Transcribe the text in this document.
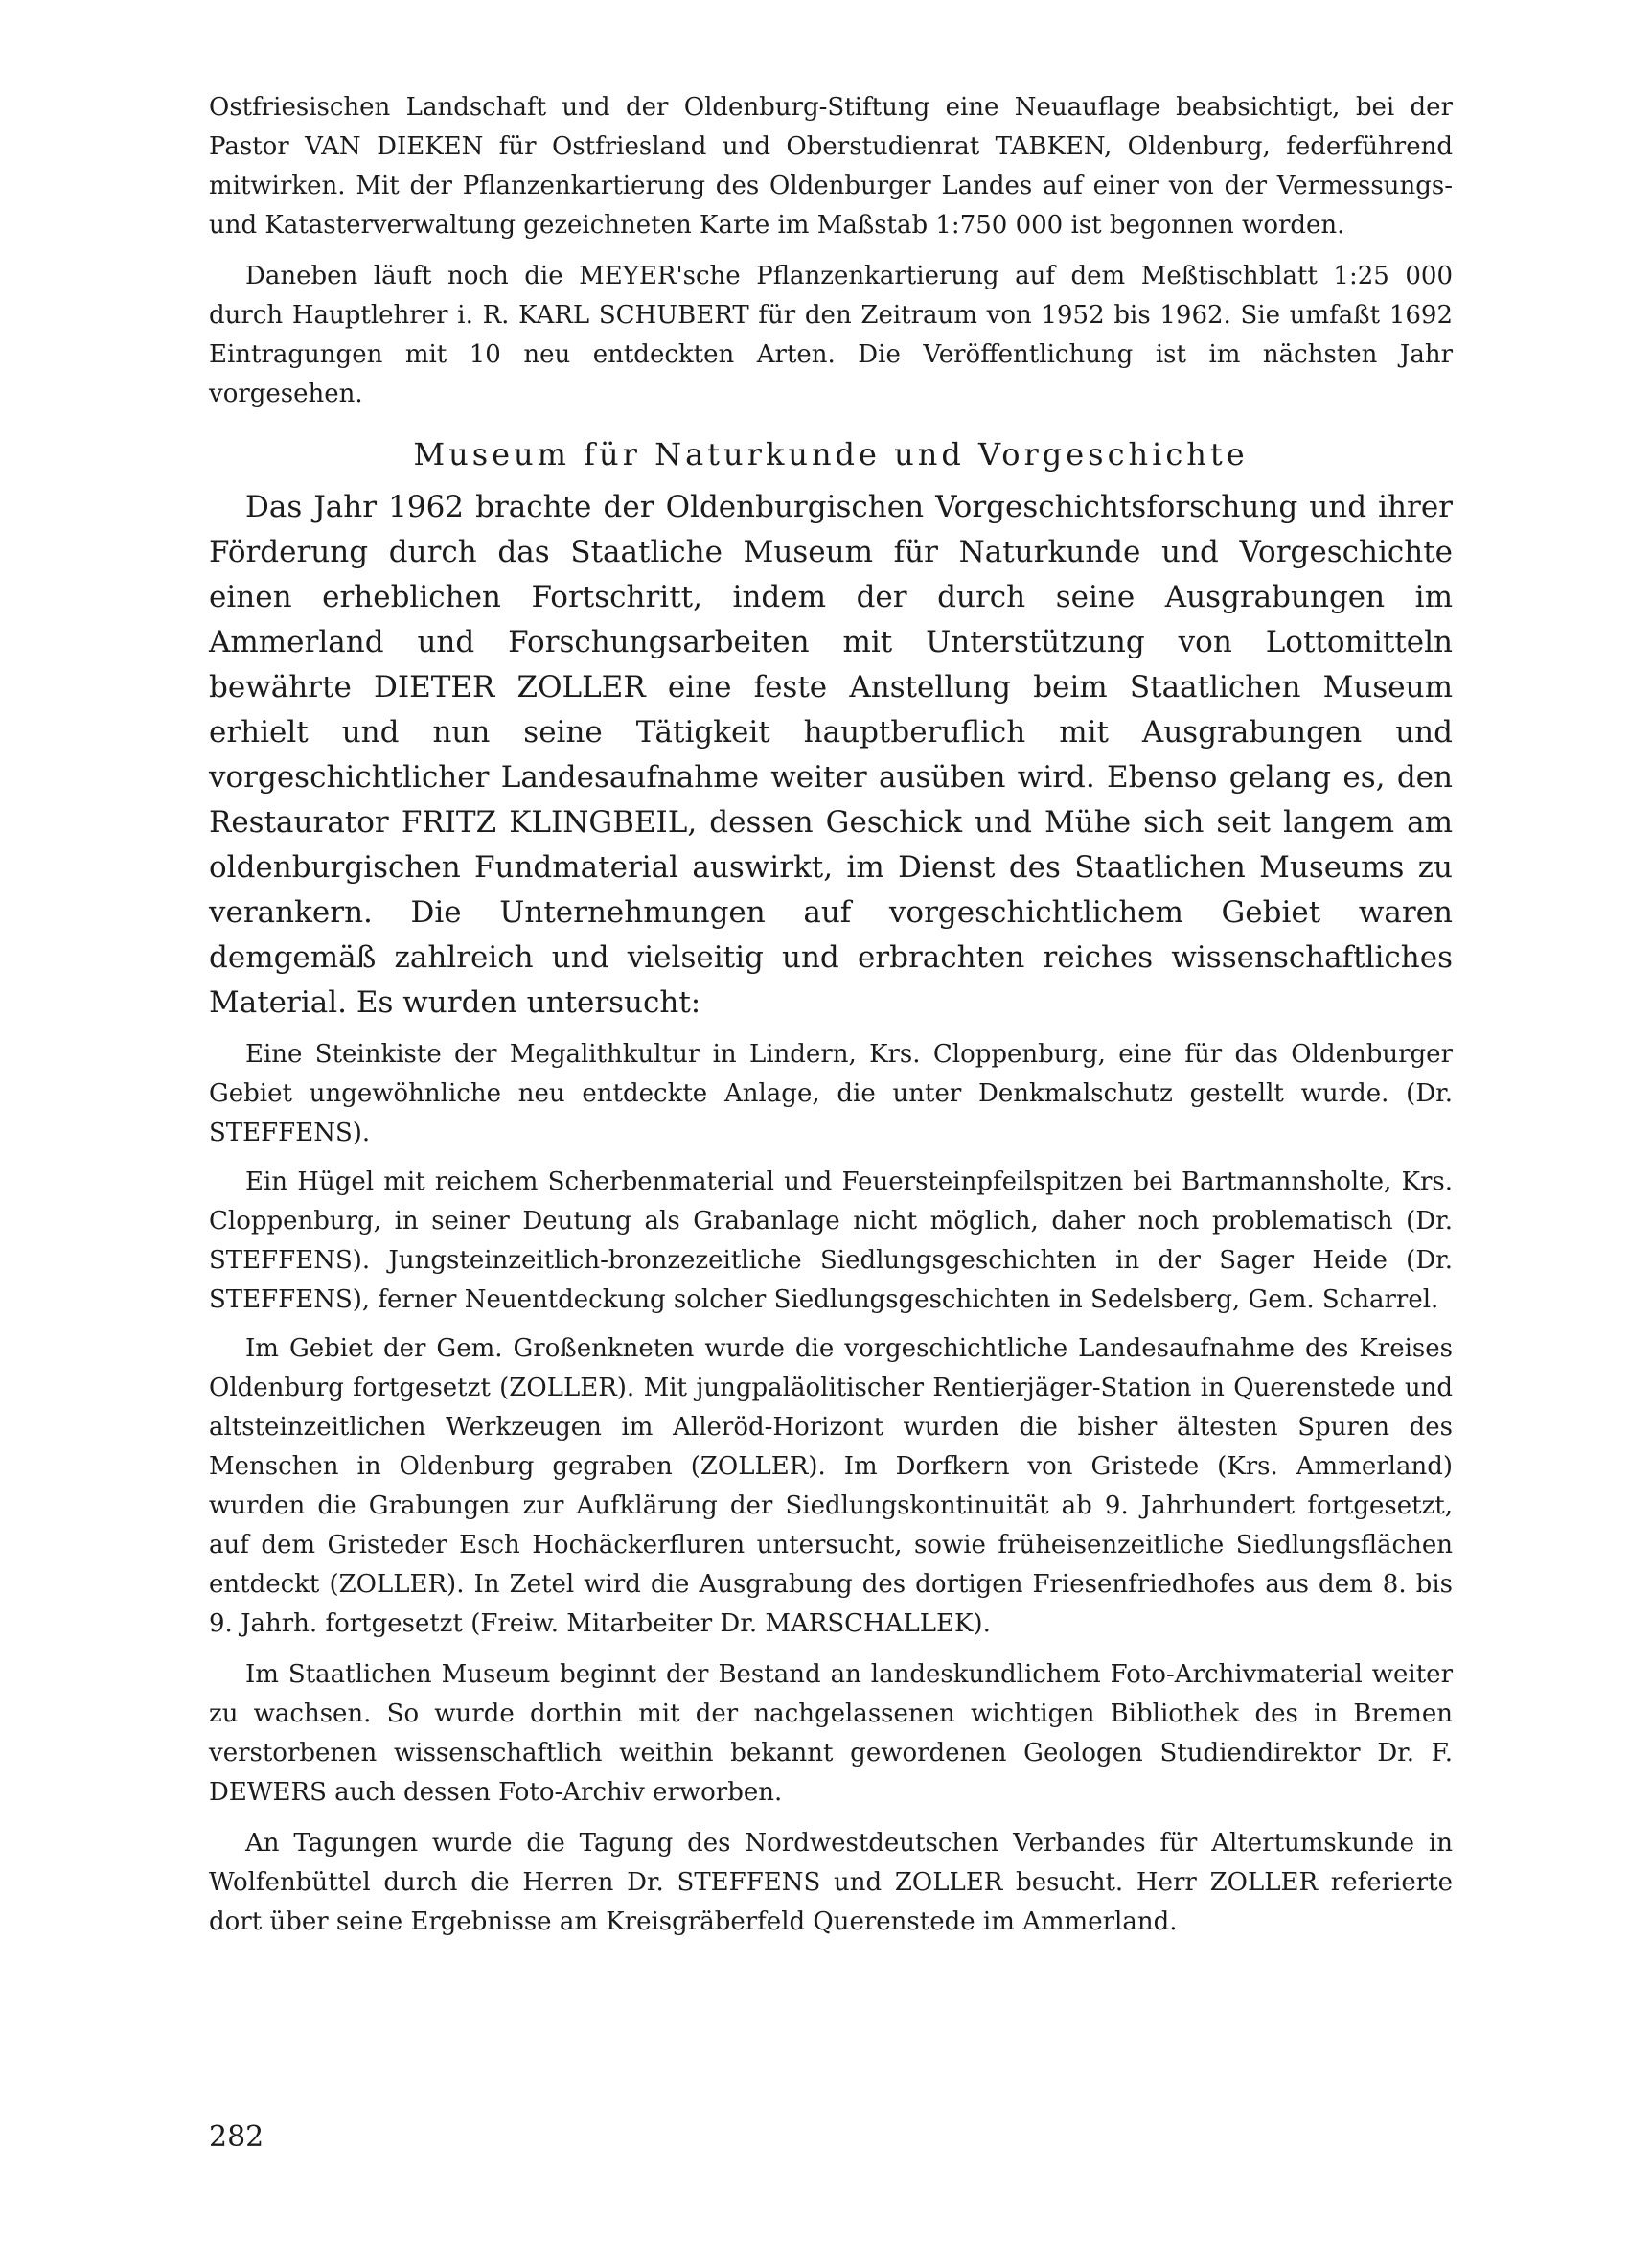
Ostfriesischen Landschaft und der Oldenburg-Stiftung eine Neuauflage beabsichtigt, bei der Pastor VAN DIEKEN für Ostfriesland und Oberstudienrat TABKEN, Oldenburg, federführend mitwirken. Mit der Pflanzenkartierung des Oldenburger Landes auf einer von der Vermessungs- und Katasterverwaltung gezeichneten Karte im Maßstab 1:750 000 ist begonnen worden.

Daneben läuft noch die MEYER'sche Pflanzenkartierung auf dem Meßtischblatt 1:25 000 durch Hauptlehrer i. R. KARL SCHUBERT für den Zeitraum von 1952 bis 1962. Sie umfaßt 1692 Eintragungen mit 10 neu entdeckten Arten. Die Veröffentlichung ist im nächsten Jahr vorgesehen.

Museum für Naturkunde und Vorgeschichte

Das Jahr 1962 brachte der Oldenburgischen Vorgeschichtsforschung und ihrer Förderung durch das Staatliche Museum für Naturkunde und Vorgeschichte einen erheblichen Fortschritt, indem der durch seine Ausgrabungen im Ammerland und Forschungsarbeiten mit Unterstützung von Lottomitteln bewährte DIETER ZOLLER eine feste Anstellung beim Staatlichen Museum erhielt und nun seine Tätigkeit hauptberuflich mit Ausgrabungen und vorgeschichtlicher Landesaufnahme weiter ausüben wird. Ebenso gelang es, den Restaurator FRITZ KLINGBEIL, dessen Geschick und Mühe sich seit langem am oldenburgischen Fundmaterial auswirkt, im Dienst des Staatlichen Museums zu verankern. Die Unternehmungen auf vorgeschichtlichem Gebiet waren demgemäß zahlreich und vielseitig und erbrachten reiches wissenschaftliches Material. Es wurden untersucht:

Eine Steinkiste der Megalithkultur in Lindern, Krs. Cloppenburg, eine für das Oldenburger Gebiet ungewöhnliche neu entdeckte Anlage, die unter Denkmalschutz gestellt wurde. (Dr. STEFFENS).

Ein Hügel mit reichem Scherbenmaterial und Feuersteinpfeilspitzen bei Bartmannsholte, Krs. Cloppenburg, in seiner Deutung als Grabanlage nicht möglich, daher noch problematisch (Dr. STEFFENS). Jungsteinzeitlich-bronzezeitliche Siedlungsgeschichten in der Sager Heide (Dr. STEFFENS), ferner Neuentdeckung solcher Siedlungsgeschichten in Sedelsberg, Gem. Scharrel.

Im Gebiet der Gem. Großenkneten wurde die vorgeschichtliche Landesaufnahme des Kreises Oldenburg fortgesetzt (ZOLLER). Mit jungpaläolitischer Rentierjäger-Station in Querenstede und altsteinzeitlichen Werkzeugen im Alleröd-Horizont wurden die bisher ältesten Spuren des Menschen in Oldenburg gegraben (ZOLLER). Im Dorfkern von Gristede (Krs. Ammerland) wurden die Grabungen zur Aufklärung der Siedlungskontinuität ab 9. Jahrhundert fortgesetzt, auf dem Gristeder Esch Hochäckerfluren untersucht, sowie früheisenzeitliche Siedlungsflächen entdeckt (ZOLLER). In Zetel wird die Ausgrabung des dortigen Friesenfriedhofes aus dem 8. bis 9. Jahrh. fortgesetzt (Freiw. Mitarbeiter Dr. MARSCHALLEK).

Im Staatlichen Museum beginnt der Bestand an landeskundlichem Foto-Archivmaterial weiter zu wachsen. So wurde dorthin mit der nachgelassenen wichtigen Bibliothek des in Bremen verstorbenen wissenschaftlich weithin bekannt gewordenen Geologen Studiendirektor Dr. F. DEWERS auch dessen Foto-Archiv erworben.

An Tagungen wurde die Tagung des Nordwestdeutschen Verbandes für Altertumskunde in Wolfenbüttel durch die Herren Dr. STEFFENS und ZOLLER besucht. Herr ZOLLER referierte dort über seine Ergebnisse am Kreisgräberfeld Querenstede im Ammerland.

282
